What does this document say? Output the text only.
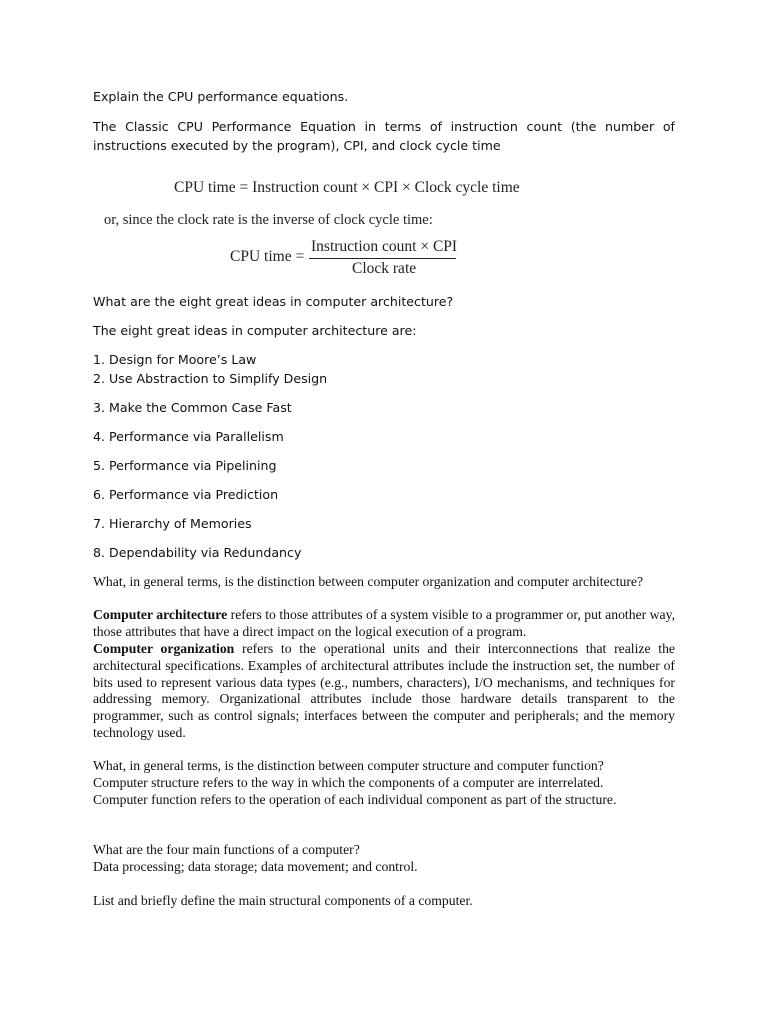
Explain the CPU performance equations.

The Classic CPU Performance Equation in terms of instruction count (the number of instructions executed by the program), CPI, and clock cycle time

CPU time = Instruction count × CPI × Clock cycle time
or, since the clock rate is the inverse of clock cycle time:
CPU time =
Instruction count × CPI
Clock rate

What are the eight great ideas in computer architecture?

The eight great ideas in computer architecture are:

1. Design for Moore’s Law

2. Use Abstraction to Simplify Design

3. Make the Common Case Fast

4. Performance via Parallelism

5. Performance via Pipelining

6. Performance via Prediction

7. Hierarchy of Memories

8. Dependability via Redundancy

What, in general terms, is the distinction between computer organization and computer architecture?

Computer architecture refers to those attributes of a system visible to a programmer or, put another way, those attributes that have a direct impact on the logical execution of a program.

Computer organization refers to the operational units and their interconnections that realize the architectural specifications. Examples of architectural attributes include the instruction set, the number of bits used to represent various data types (e.g., numbers, characters), I/O mechanisms, and techniques for addressing memory. Organizational attributes include those hardware details transparent to the programmer, such as control signals; interfaces between the computer and peripherals; and the memory technology used.

What, in general terms, is the distinction between computer structure and computer function?

Computer structure refers to the way in which the components of a computer are interrelated.

Computer function refers to the operation of each individual component as part of the structure.

What are the four main functions of a computer?

Data processing; data storage; data movement; and control.

List and briefly define the main structural components of a computer.
